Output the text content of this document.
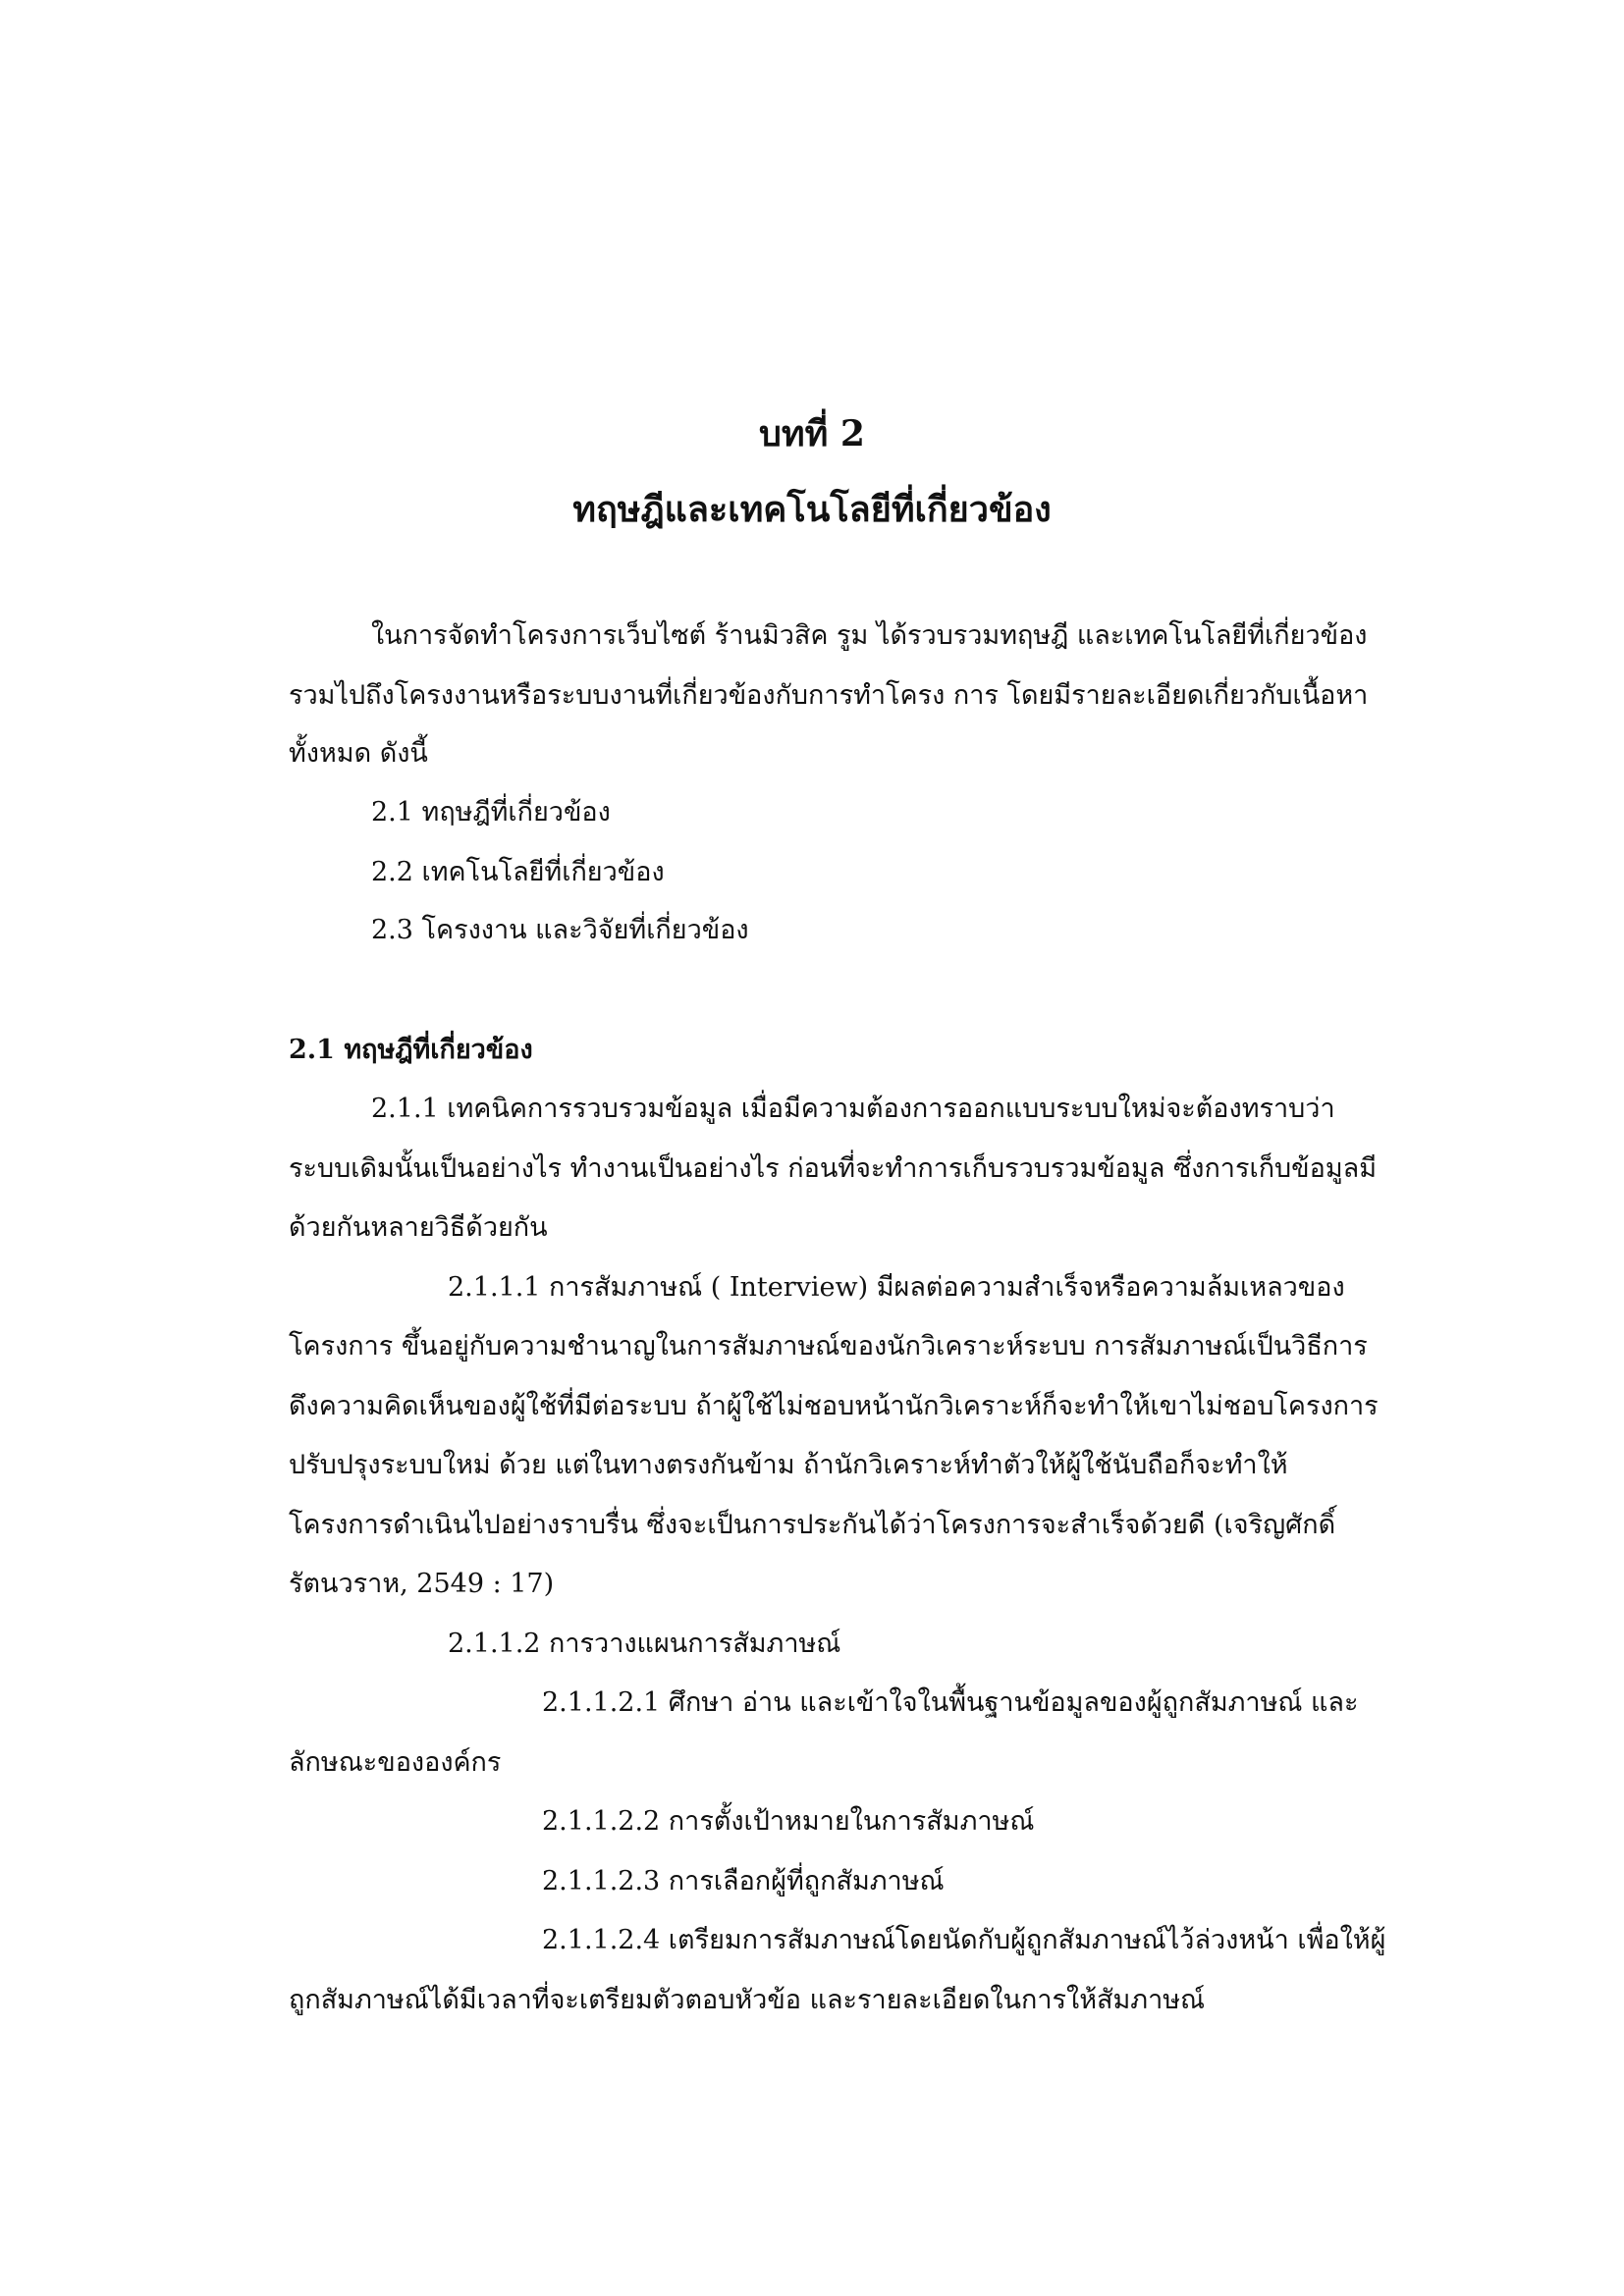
บทที่ 2
ทฤษฎีและเทคโนโลยีที่เกี่ยวข้อง
ในการจัดทำโครงการเว็บไซต์ ร้านมิวสิค รูม ได้รวบรวมทฤษฎี และเทคโนโลยีที่เกี่ยวข้อง
รวมไปถึงโครงงานหรือระบบงานที่เกี่ยวข้องกับการทำโครง การ โดยมีรายละเอียดเกี่ยวกับเนื้อหา
ทั้งหมด ดังนี้
2.1 ทฤษฎีที่เกี่ยวข้อง
2.2 เทคโนโลยีที่เกี่ยวข้อง
2.3 โครงงาน และวิจัยที่เกี่ยวข้อง
2.1 ทฤษฎีที่เกี่ยวข้อง
2.1.1 เทคนิคการรวบรวมข้อมูล เมื่อมีความต้องการออกแบบระบบใหม่จะต้องทราบว่า
ระบบเดิมนั้นเป็นอย่างไร ทำงานเป็นอย่างไร ก่อนที่จะทำการเก็บรวบรวมข้อมูล ซึ่งการเก็บข้อมูลมี
ด้วยกันหลายวิธีด้วยกัน
2.1.1.1 การสัมภาษณ์ ( Interview) มีผลต่อความสำเร็จหรือความล้มเหลวของ
โครงการ ขึ้นอยู่กับความชำนาญในการสัมภาษณ์ของนักวิเคราะห์ระบบ การสัมภาษณ์เป็นวิธีการ
ดึงความคิดเห็นของผู้ใช้ที่มีต่อระบบ ถ้าผู้ใช้ไม่ชอบหน้านักวิเคราะห์ก็จะทำให้เขาไม่ชอบโครงการ
ปรับปรุงระบบใหม่ ด้วย แต่ในทางตรงกันข้าม ถ้านักวิเคราะห์ทำตัวให้ผู้ใช้นับถือก็จะทำให้
โครงการดำเนินไปอย่างราบรื่น ซึ่งจะเป็นการประกันได้ว่าโครงการจะสำเร็จด้วยดี (เจริญศักดิ์
รัตนวราห, 2549 : 17)
2.1.1.2 การวางแผนการสัมภาษณ์
2.1.1.2.1 ศึกษา อ่าน และเข้าใจในพื้นฐานข้อมูลของผู้ถูกสัมภาษณ์ และ
ลักษณะขององค์กร
2.1.1.2.2 การตั้งเป้าหมายในการสัมภาษณ์
2.1.1.2.3 การเลือกผู้ที่ถูกสัมภาษณ์
2.1.1.2.4 เตรียมการสัมภาษณ์โดยนัดกับผู้ถูกสัมภาษณ์ไว้ล่วงหน้า เพื่อให้ผู้
ถูกสัมภาษณ์ได้มีเวลาที่จะเตรียมตัวตอบหัวข้อ และรายละเอียดในการให้สัมภาษณ์
